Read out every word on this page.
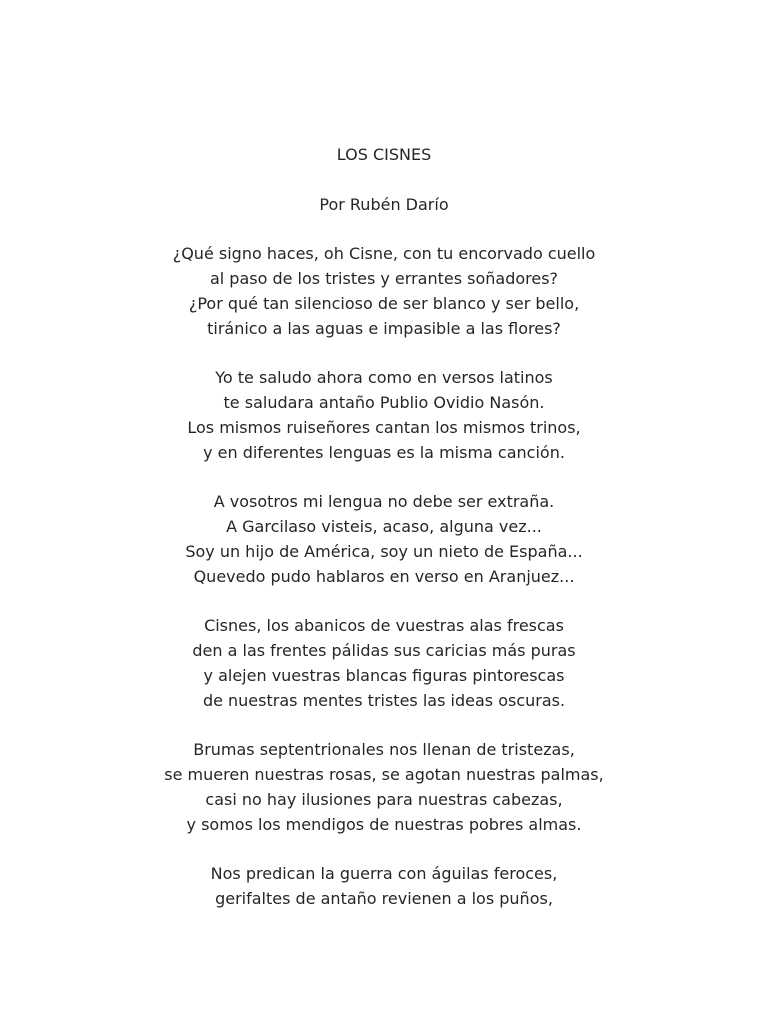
LOS CISNES

Por Rubén Darío

¿Qué signo haces, oh Cisne, con tu encorvado cuello
al paso de los tristes y errantes soñadores?
¿Por qué tan silencioso de ser blanco y ser bello,
tiránico a las aguas e impasible a las flores?

Yo te saludo ahora como en versos latinos
te saludara antaño Publio Ovidio Nasón.
Los mismos ruiseñores cantan los mismos trinos,
y en diferentes lenguas es la misma canción.

A vosotros mi lengua no debe ser extraña.
A Garcilaso visteis, acaso, alguna vez...
Soy un hijo de América, soy un nieto de España...
Quevedo pudo hablaros en verso en Aranjuez...

Cisnes, los abanicos de vuestras alas frescas
den a las frentes pálidas sus caricias más puras
y alejen vuestras blancas figuras pintorescas
de nuestras mentes tristes las ideas oscuras.

Brumas septentrionales nos llenan de tristezas,
se mueren nuestras rosas, se agotan nuestras palmas,
casi no hay ilusiones para nuestras cabezas,
y somos los mendigos de nuestras pobres almas.

Nos predican la guerra con águilas feroces,
gerifaltes de antaño revienen a los puños,
